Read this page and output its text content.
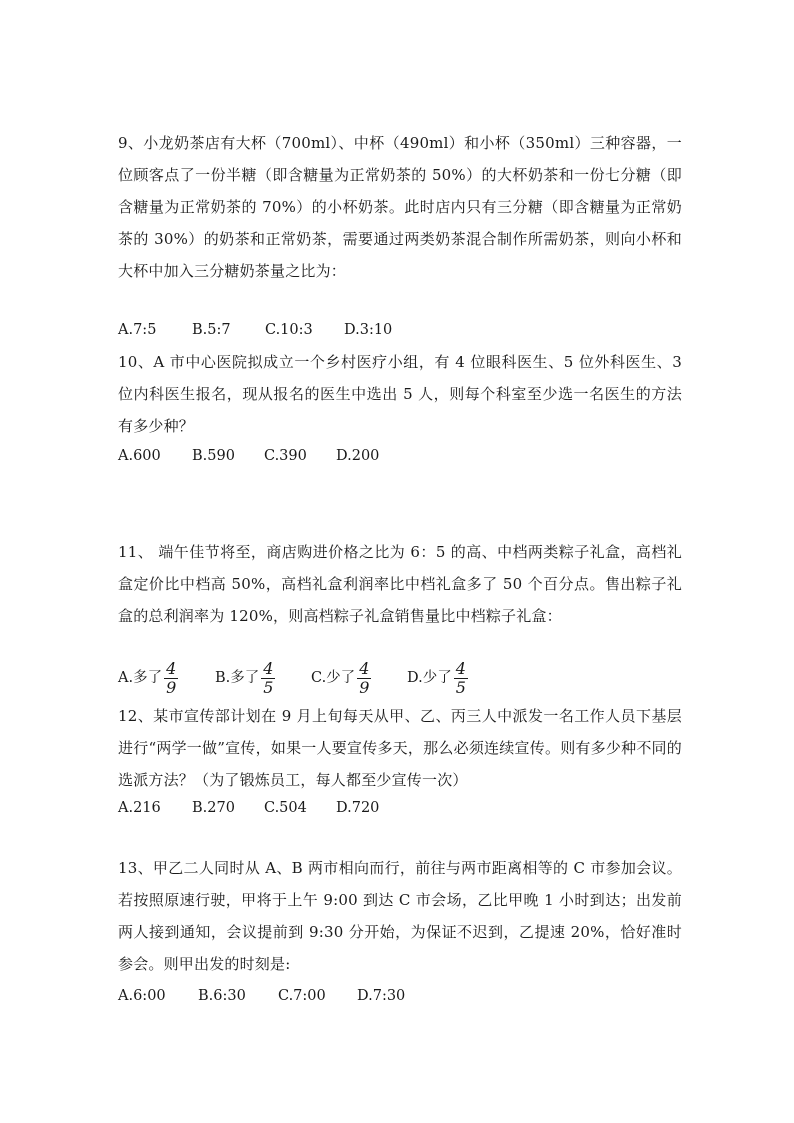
9、小龙奶茶店有大杯（700ml）、中杯（490ml）和小杯（350ml）三种容器，一位顾客点了一份半糖（即含糖量为正常奶茶的 50%）的大杯奶茶和一份七分糖（即含糖量为正常奶茶的 70%）的小杯奶茶。此时店内只有三分糖（即含糖量为正常奶茶的 30%）的奶茶和正常奶茶，需要通过两类奶茶混合制作所需奶茶，则向小杯和大杯中加入三分糖奶茶量之比为：

A.7:5 B.5:7 C.10:3 D.3:10

10、A 市中心医院拟成立一个乡村医疗小组，有 4 位眼科医生、5 位外科医生、3 位内科医生报名，现从报名的医生中选出 5 人，则每个科室至少选一名医生的方法有多少种？

A.600 B.590 C.390 D.200

11、 端午佳节将至，商店购进价格之比为 6：5 的高、中档两类粽子礼盒，高档礼盒定价比中档高 50%，高档礼盒利润率比中档礼盒多了 50 个百分点。售出粽子礼盒的总利润率为 120%，则高档粽子礼盒销售量比中档粽子礼盒：

A.多了 $\frac{4}{9}$	B.多了 $\frac{4}{5} C$.少了 $\frac{4}{9} D$.少了 $\frac{4}{5}$

12、某市宣传部计划在 9 月上旬每天从甲、乙、丙三人中派发一名工作人员下基层进行“两学一做”宣传，如果一人要宣传多天，那么必须连续宣传。则有多少种不同的选派方法？（为了锻炼员工，每人都至少宣传一次）

A.216 B.270 C.504 D.720

13、甲乙二人同时从 A、B 两市相向而行，前往与两市距离相等的 C 市参加会议。若按照原速行驶，甲将于上午 9:00 到达 C 市会场，乙比甲晚 1 小时到达；出发前两人接到通知，会议提前到 9:30 分开始，为保证不迟到，乙提速 20%，恰好准时参会。则甲出发的时刻是:

A.6:00 B.6:30 C.7:00 D.7:30
